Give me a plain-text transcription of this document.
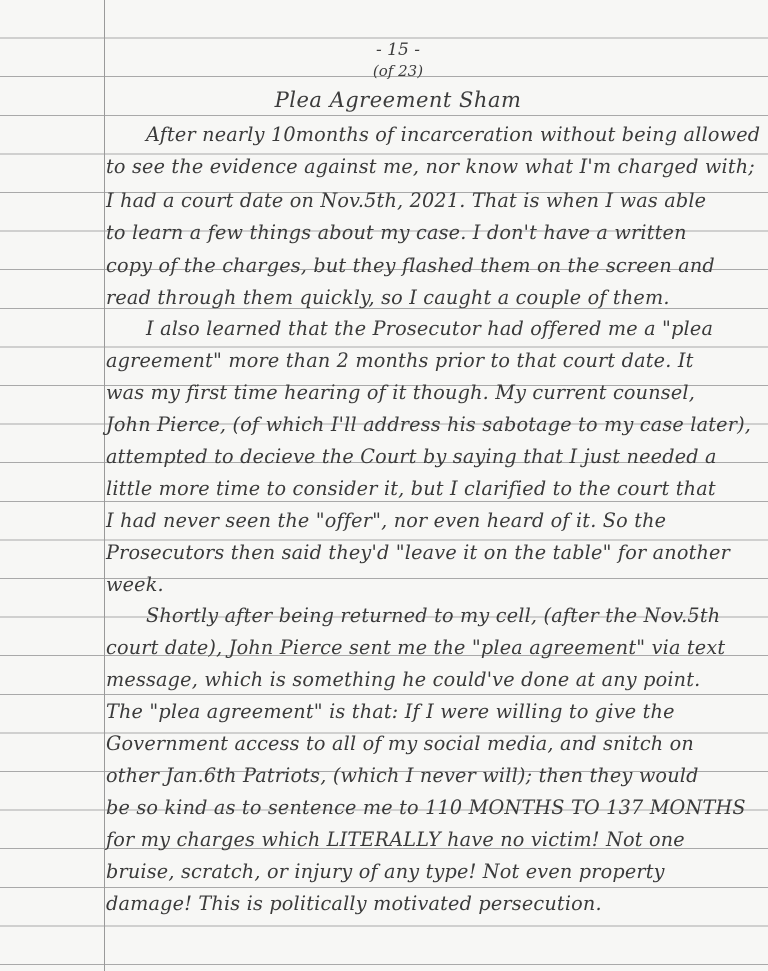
- 15 -
(of 23)
Plea Agreement Sham
After nearly 10months of incarceration without being allowed
to see the evidence against me, nor know what I'm charged with;
I had a court date on Nov.5th, 2021. That is when I was able
to learn a few things about my case. I don't have a written
copy of the charges, but they flashed them on the screen and
read through them quickly, so I caught a couple of them.
I also learned that the Prosecutor had offered me a "plea
agreement" more than 2 months prior to that court date. It
was my first time hearing of it though. My current counsel,
John Pierce, (of which I'll address his sabotage to my case later),
attempted to decieve the Court by saying that I just needed a
little more time to consider it, but I clarified to the court that
I had never seen the "offer", nor even heard of it. So the
Prosecutors then said they'd "leave it on the table" for another
week.
Shortly after being returned to my cell, (after the Nov.5th
court date), John Pierce sent me the "plea agreement" via text
message, which is something he could've done at any point.
The "plea agreement" is that: If I were willing to give the
Government access to all of my social media, and snitch on
other Jan.6th Patriots, (which I never will); then they would
be so kind as to sentence me to 110 MONTHS TO 137 MONTHS
for my charges which LITERALLY have no victim! Not one
bruise, scratch, or injury of any type! Not even property
damage! This is politically motivated persecution.
